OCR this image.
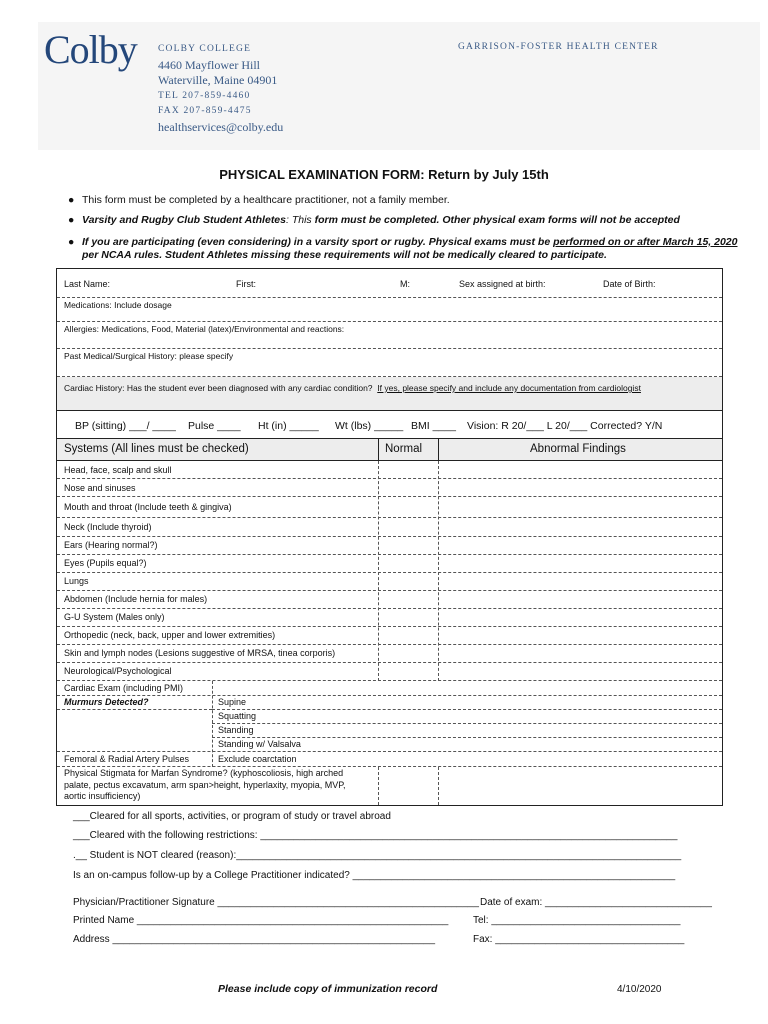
Colby COLBY COLLEGE
4460 Mayflower Hill
Waterville, Maine 04901
TEL 207-859-4460
FAX 207-859-4475
healthservices@colby.edu
GARRISON-FOSTER HEALTH CENTER
PHYSICAL EXAMINATION FORM: Return by July 15th
● This form must be completed by a healthcare practitioner, not a family member.
● Varsity and Rugby Club Student Athletes: This form must be completed. Other physical exam forms will not be accepted
● If you are participating (even considering) in a varsity sport or rugby. Physical exams must be performed on or after March 15, 2020
per NCAA rules. Student Athletes missing these requirements will not be medically cleared to participate.
Last Name:	First:	M:	Sex assigned at birth:	Date of Birth:
Medications: Include dosage
Allergies: Medications, Food, Material (latex)/Environmental and reactions:
Past Medical/Surgical History: please specify
Cardiac History: Has the student ever been diagnosed with any cardiac condition? If yes, please specify and include any documentation from cardiologist
BP (sitting) ___/ ____ Pulse ____ Ht (in) _____ Wt (lbs) _____ BMI ____ Vision: R 20/___ L 20/___ Corrected? Y/N
Systems (All lines must be checked)	Normal	Abnormal Findings
Head, face, scalp and skull
Nose and sinuses
Mouth and throat (Include teeth & gingiva)
Neck (Include thyroid)
Ears (Hearing normal?)
Eyes (Pupils equal?)
Lungs
Abdomen (Include hernia for males)
G-U System (Males only)
Orthopedic (neck, back, upper and lower extremities)
Skin and lymph nodes (Lesions suggestive of MRSA, tinea corporis)
Neurological/Psychological
Cardiac Exam (including PMI)
Murmurs Detected?	Supine
Squatting
Standing
Standing w/ Valsalva
Femoral & Radial Artery Pulses	Exclude coarctation
Physical Stigmata for Marfan Syndrome? (kyphoscoliosis, high arched
palate, pectus excavatum, arm span>height, hyperlaxity, myopia, MVP,
aortic insufficiency)
___Cleared for all sports, activities, or program of study or travel abroad
___Cleared with the following restrictions: ___________________________________________________________________________
.__ Student is NOT cleared (reason):________________________________________________________________________________
Is an on-campus follow-up by a College Practitioner indicated? __________________________________________________________
Physician/Practitioner Signature _______________________________________________ Date of exam: ______________________________
Printed Name ________________________________________________________ Tel: __________________________________
Address __________________________________________________________	Fax: __________________________________
Please include copy of immunization record	4/10/2020
